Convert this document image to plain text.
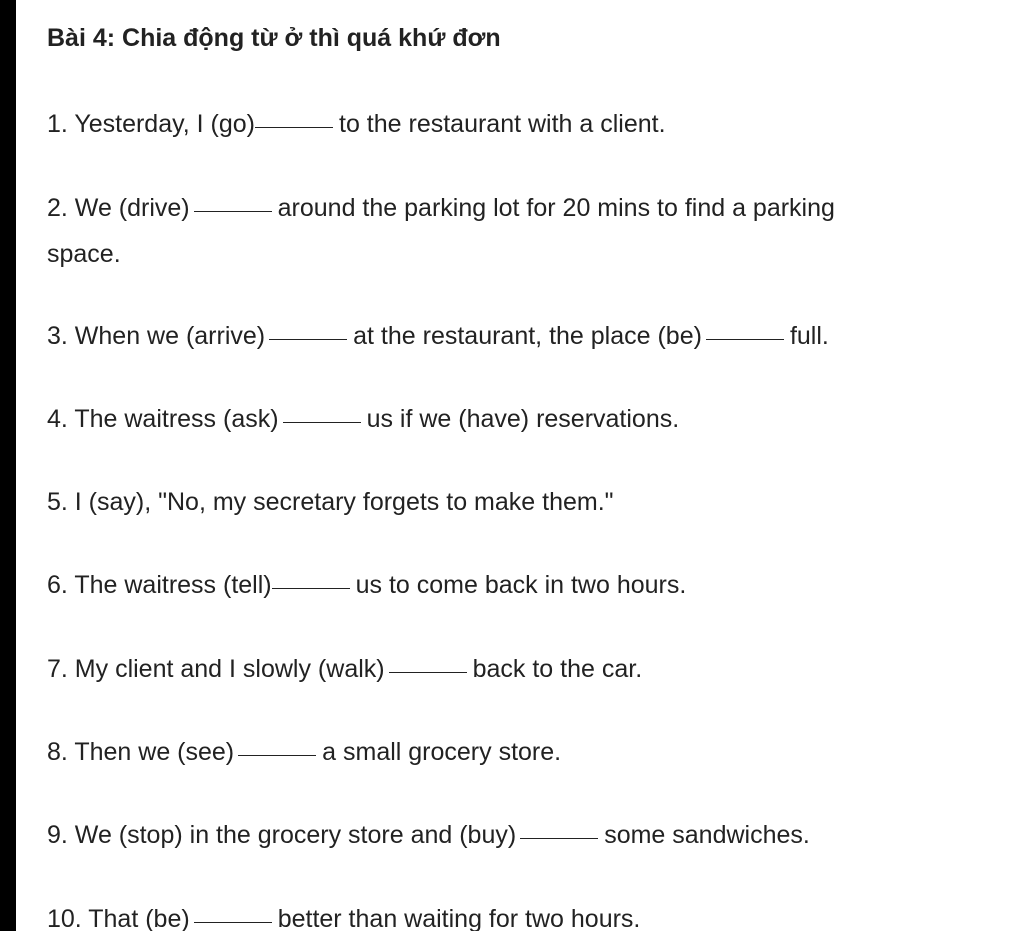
Bài 4: Chia động từ ở thì quá khứ đơn
1. Yesterday, I (go)	to the restaurant with a client.
2. We (drive)	around the parking lot for 20 mins to find a parking
space.
3. When we (arrive)	at the restaurant, the place (be)	full.
4. The waitress (ask)	us if we (have) reservations.
5. I (say), "No, my secretary forgets to make them."
6. The waitress (tell)	us to come back in two hours.
7. My client and I slowly (walk)	back to the car.
8. Then we (see)	a small grocery store.
9. We (stop) in the grocery store and (buy)	some sandwiches.
10. That (be)	better than waiting for two hours.
